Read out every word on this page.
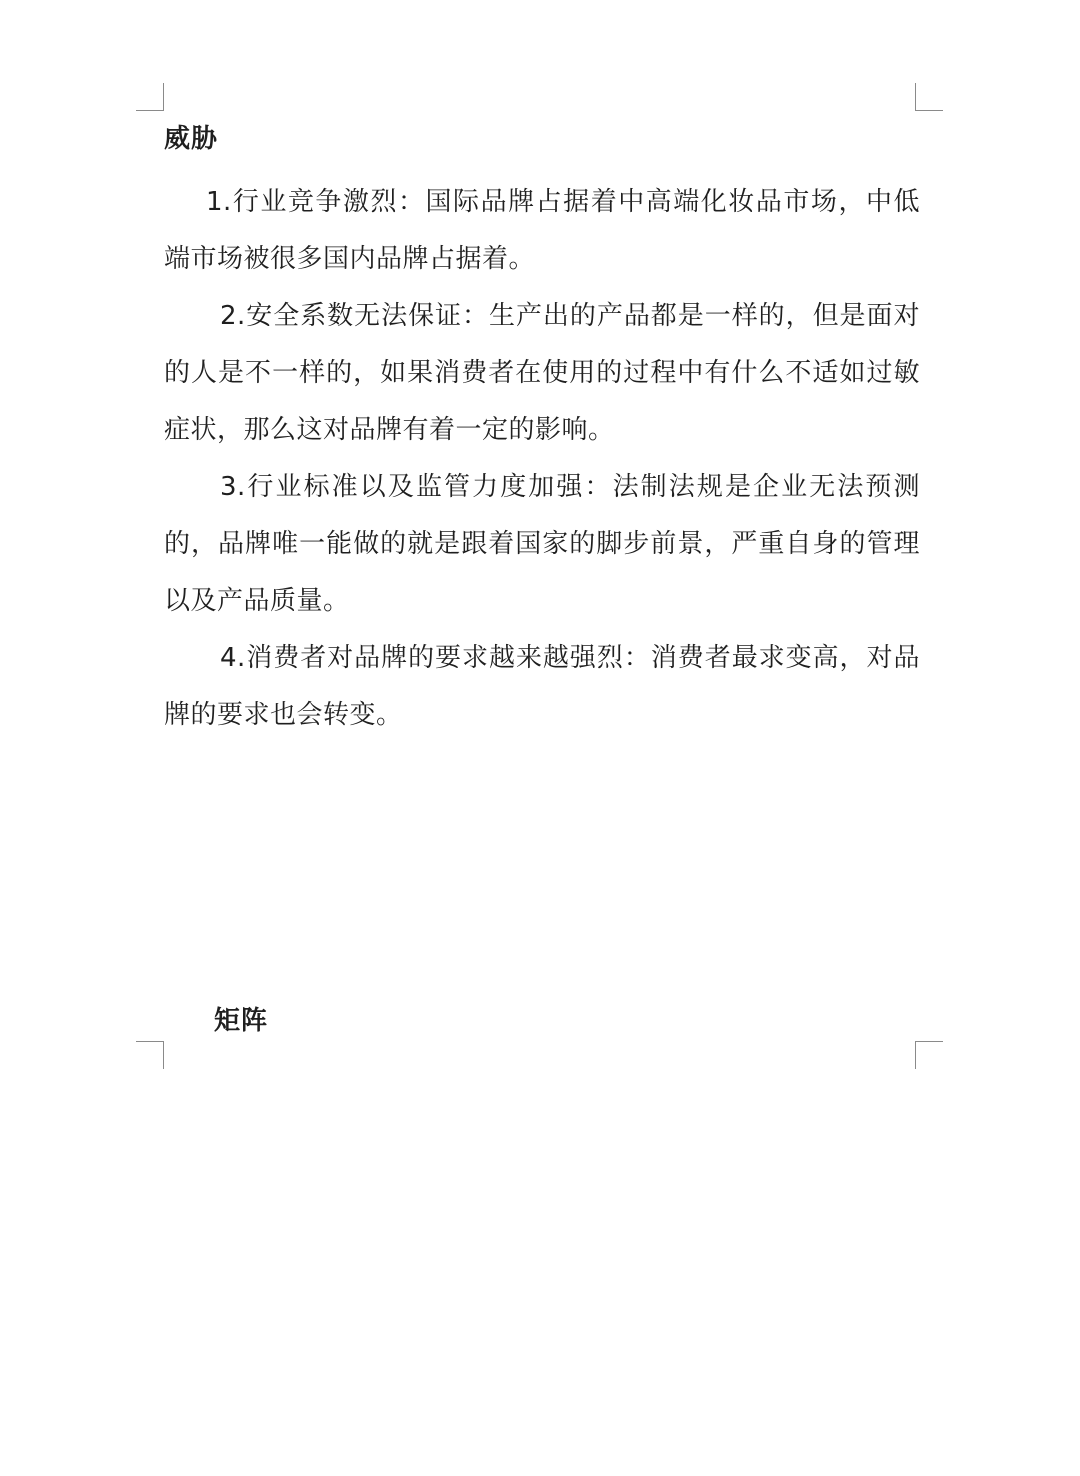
威胁

1.行业竞争激烈：国际品牌占据着中高端化妆品市场，中低端市场被很多国内品牌占据着。

2.安全系数无法保证：生产出的产品都是一样的，但是面对的人是不一样的，如果消费者在使用的过程中有什么不适如过敏症状，那么这对品牌有着一定的影响。

3.行业标准以及监管力度加强：法制法规是企业无法预测的，品牌唯一能做的就是跟着国家的脚步前景，严重自身的管理以及产品质量。

4.消费者对品牌的要求越来越强烈：消费者最求变高，对品牌的要求也会转变。

矩阵
